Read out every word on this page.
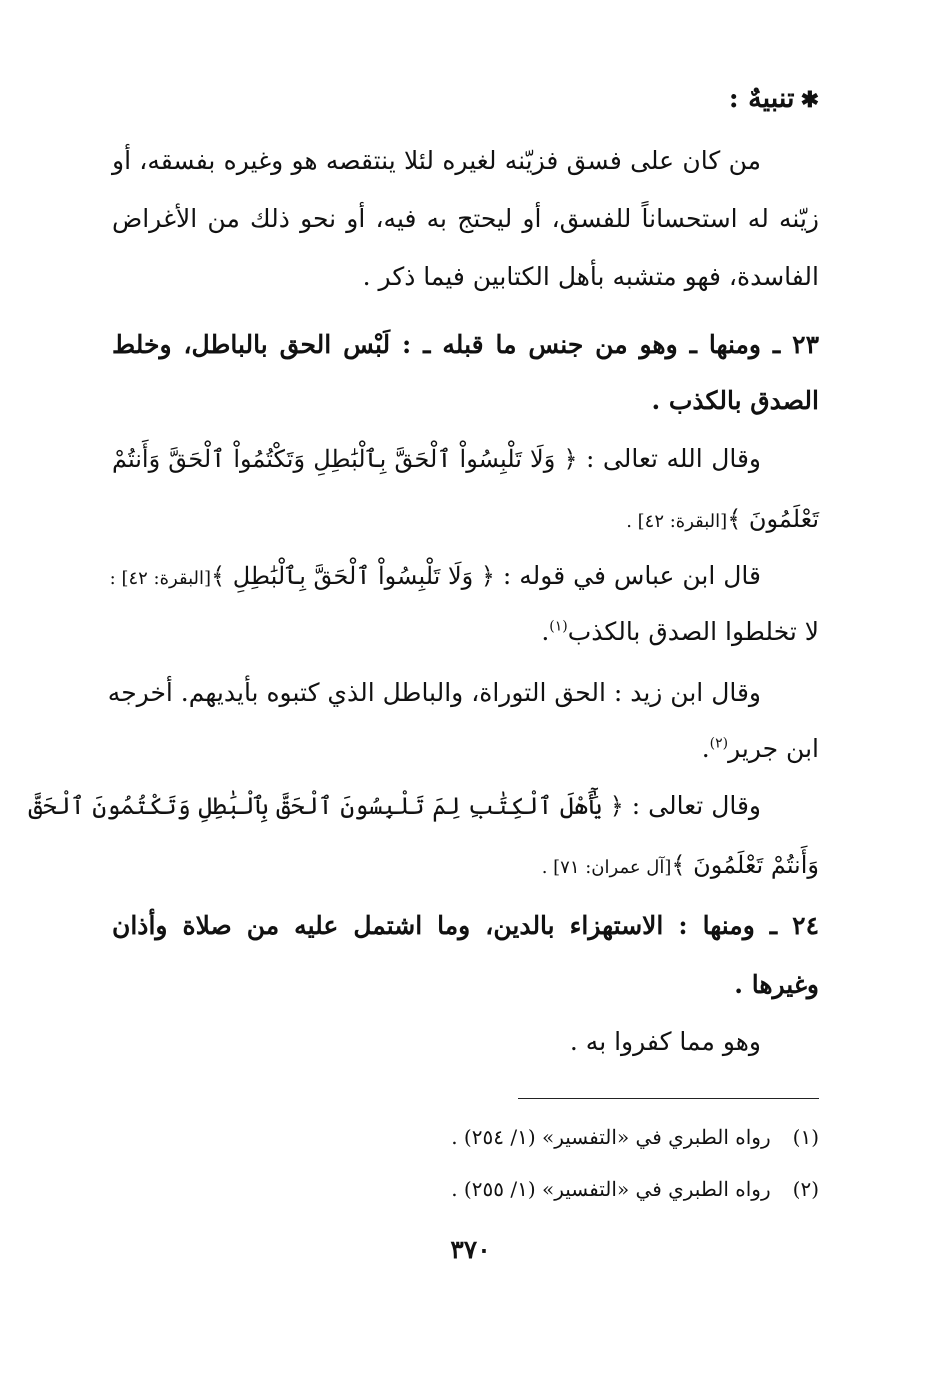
✱تنبيهٌ :
من كان على فسق فزيّنه لغيره لئلا ينتقصه هو وغيره بفسقه، أو
زيّنه له استحساناً للفسق، أو ليحتج به فيه، أو نحو ذلك من الأغراض
الفاسدة، فهو متشبه بأهل الكتابين فيما ذكر .
٢٣ ـ ومنها ـ وهو من جنس ما قبله ـ : لَبْس الحق بالباطل، وخلط
الصدق بالكذب .
وقال الله تعالى : ﴿ وَلَا تَلْبِسُواْ ٱلْحَقَّ بِٱلْبَٰطِلِ وَتَكْتُمُواْ ٱلْحَقَّ وَأَنتُمْ
تَعْلَمُونَ ﴾[البقرة: ٤٢] .
قال ابن عباس في قوله : ﴿ وَلَا تَلْبِسُواْ ٱلْحَقَّ بِٱلْبَٰطِلِ ﴾[البقرة: ٤٢] :
لا تخلطوا الصدق بالكذب$^{(١)}$.
وقال ابن زيد : الحق التوراة، والباطل الذي كتبوه بأيديهم. أخرجه
ابن جرير$^{(٢)}$.
وقال تعالى : ﴿ يَٰٓأَهْلَ ٱلْكِتَٰبِ لِمَ تَلْبِسُونَ ٱلْحَقَّ بِٱلْبَٰطِلِ وَتَكْتُمُونَ ٱلْحَقَّ
وَأَنتُمْ تَعْلَمُونَ ﴾[آل عمران: ٧١] .
٢٤ ـ ومنها : الاستهزاء بالدين، وما اشتمل عليه من صلاة وأذان
وغيرها .
وهو مما كفروا به .
(١)رواه الطبري في «التفسير» (١/ ٢٥٤) .
(٢)رواه الطبري في «التفسير» (١/ ٢٥٥) .
٣٧٠
